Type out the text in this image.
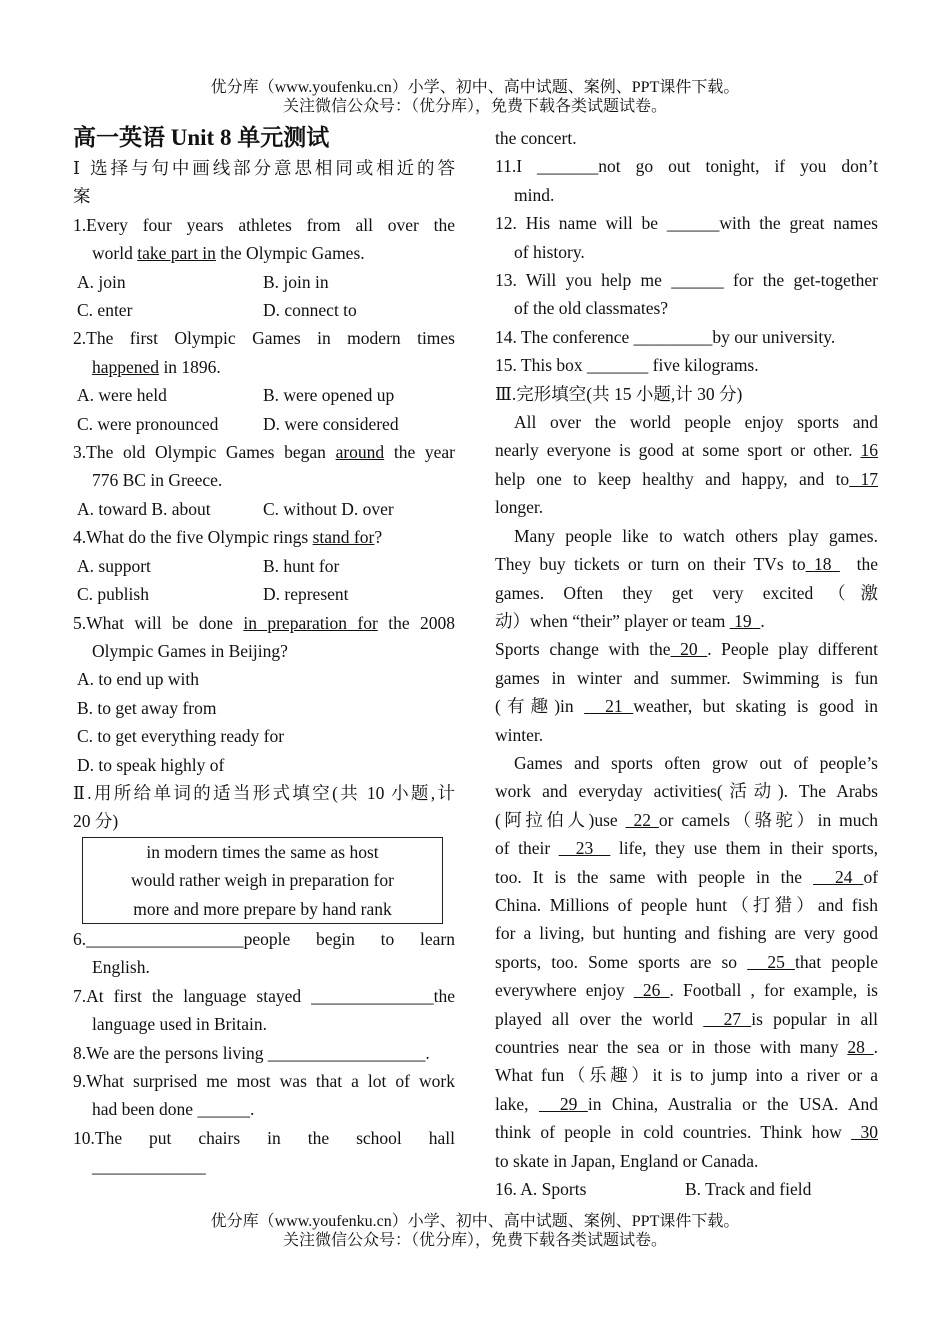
优分库（www.youfenku.cn）小学、初中、高中试题、案例、PPT课件下载。
关注微信公众号：（优分库），免费下载各类试题试卷。
高一英语 Unit 8 单元测试
Ⅰ 选择与句中画线部分意思相同或相近的答
案
1.Every four years athletes from all over the
world take part in the Olympic Games.
A. join	B. join in
C. enter	D. connect to
2.The first Olympic Games in modern times
happened in 1896.
A. were held	B. were opened up
C. were pronounced	D. were considered
3.The old Olympic Games began around the year
776 BC in Greece.
A. toward B. about	C. without D. over
4.What do the five Olympic rings stand for?
A. support	B. hunt for
C. publish	D. represent
5.What will be done in preparation for the 2008
Olympic Games in Beijing?
A. to end up with
B. to get away from
C. to get everything ready for
D. to speak highly of
Ⅱ.用所给单词的适当形式填空(共 10 小题,计
20 分)
in modern times the same as host
would rather weigh in preparation for
more and more prepare by hand rank
6.__________________people begin to learn
English.
7.At first the language stayed ______________the
language used in Britain.
8.We are the persons living __________________.
9.What surprised me most was that a lot of work
had been done ______.
10.The put chairs in the school hall
_____________
the concert.
11.I _______not go out tonight, if you don’t
mind.
12. His name will be ______with the great names
of history.
13. Will you help me ______ for the get-together
of the old classmates?
14. The conference _________by our university.
15. This box _______ five kilograms.
Ⅲ.完形填空(共 15 小题,计 30 分)
All over the world people enjoy sports and
nearly everyone is good at some sport or other. 16
help one to keep healthy and happy, and to 17
longer.
Many people like to watch others play games.
They buy tickets or turn on their TVs to 18   the
games. Often they get very excited（激
动）when “their” player or team  19  .
Sports change with the 20 . People play different
games in winter and summer. Swimming is fun
(有趣)in   21 weather, but skating is good in
winter.
Games and sports often grow out of people’s
work and everyday activities(活动). The Arabs
(阿拉伯人)use  22 or camels（骆驼）in much
of their   23   life, they use them in their sports,
too. It is the same with people in the   24 of
China. Millions of people hunt（打猎）and fish
for a living, but hunting and fishing are very good
sports, too. Some sports are so   25 that people
everywhere enjoy  26 . Football , for example, is
played all over the world   27 is popular in all
countries near the sea or in those with many 28 .
What fun（乐趣）it is to jump into a river or a
lake,   29 in China, Australia or the USA. And
think of people in cold countries. Think how  30
to skate in Japan, England or Canada.
16. A. Sports	B. Track and field
优分库（www.youfenku.cn）小学、初中、高中试题、案例、PPT课件下载。
关注微信公众号：（优分库），免费下载各类试题试卷。
